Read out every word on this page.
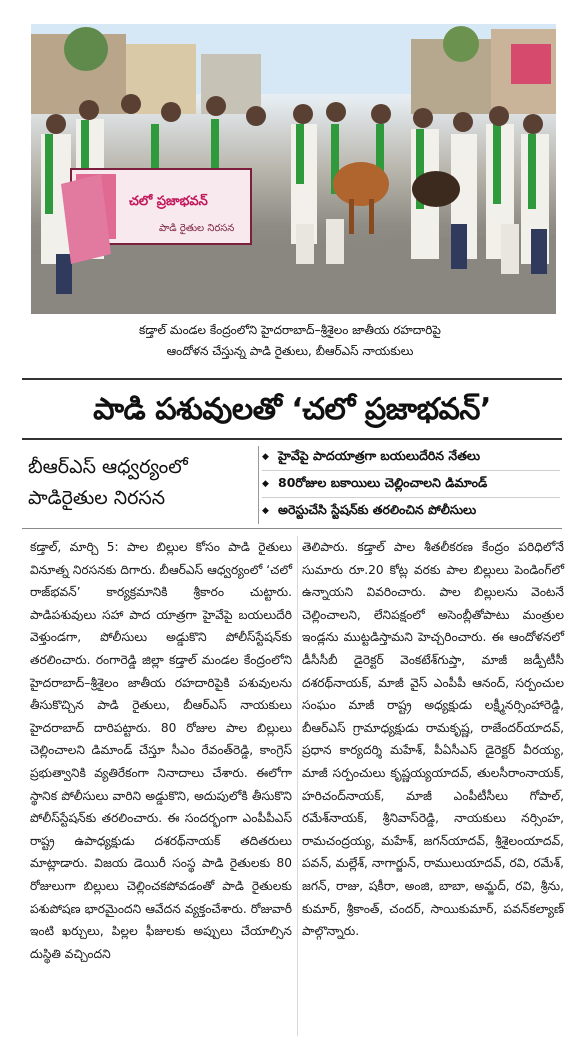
చలో ప్రజాభవన్
పాడి రైతుల నిరసన
కడ్తాల్ మండల కేంద్రంలోని హైదరాబాద్–శ్రీశైలం జాతీయ రహదారిపై
ఆందోళన చేస్తున్న పాడి రైతులు, బీఆర్ఎస్ నాయకులు
పాడి పశువులతో ‘చలో ప్రజాభవన్’
బీఆర్ఎస్ ఆధ్వర్యంలో
పాడిరైతుల నిరసన
◆ హైవేపై పాదయాత్రగా బయలుదేరిన నేతలు
◆ 80రోజుల బకాయిలు చెల్లించాలని డిమాండ్
◆ అరెస్టుచేసి స్టేషన్‌కు తరలించిన పోలీసులు

కడ్తాల్, మార్చి 5: పాల బిల్లుల కోసం పాడి రైతులు వినూత్న నిరసనకు దిగారు. బీఆర్ఎస్ ఆధ్వర్యంలో ‘చలో రాజ్‌భవన్’ కార్యక్రమానికి శ్రీకారం చుట్టారు. పాడిపశువులు సహా పాద యాత్రగా హైవేపై బయలుదేరి వెళ్తుండగా, పోలీసులు అడ్డుకొని పోలీస్‌స్టేషన్‌కు తరలించారు. రంగారెడ్డి జిల్లా కడ్తాల్ మండల కేంద్రంలోని హైదరాబాద్–శ్రీశైలం జాతీయ రహదారిపైకి పశువులను తీసుకొచ్చిన పాడి రైతులు, బీఆర్ఎస్ నాయకులు హైదరాబాద్ దారిపట్టారు. 80 రోజుల పాల బిల్లులు చెల్లించాలని డిమాండ్ చేస్తూ సీఎం రేవంత్‌రెడ్డి, కాంగ్రెస్ ప్రభుత్వానికి వ్యతిరేకంగా నినాదాలు చేశారు. ఈలోగా స్థానిక పోలీసులు వారిని అడ్డుకొని, అదుపులోకి తీసుకొని పోలీస్‌స్టేషన్‌కు తరలించారు. ఈ సందర్భంగా ఎంపీపీఎస్ రాష్ట్ర ఉపాధ్యక్షుడు దశరథ్‌నాయక్ తదితరులు మాట్లాడారు. విజయ డెయిరీ సంస్థ పాడి రైతులకు 80 రోజులుగా బిల్లులు చెల్లించకపోవడంతో పాడి రైతులకు పశుపోషణ భారమైందని ఆవేదన వ్యక్తంచేశారు. రోజువారీ ఇంటి ఖర్చులు, పిల్లల ఫీజులకు అప్పులు చేయాల్సిన దుస్థితి వచ్చిందని

తెలిపారు. కడ్తాల్ పాల శీతలీకరణ కేంద్రం పరిధిలోనే సుమారు రూ.20 కోట్ల వరకు పాల బిల్లులు పెండింగ్‌లో ఉన్నాయని వివరించారు. పాల బిల్లులను వెంటనే చెల్లించాలని, లేనిపక్షంలో అసెంబ్లీతోపాటు మంత్రుల ఇండ్లను ముట్టడిస్తామని హెచ్చరించారు. ఈ ఆందోళనలో డీసీసీబీ డైరెక్టర్ వెంకటేశ్‌గుప్తా, మాజీ జడ్పీటీసీ దశరథ్‌నాయక్, మాజీ వైస్ ఎంపీపీ ఆనంద్, సర్పంచుల సంఘం మాజీ రాష్ట్ర అధ్యక్షుడు లక్ష్మీనర్సింహారెడ్డి, బీఆర్ఎస్ గ్రామాధ్యక్షుడు రామకృష్ణ, రాజేందర్‌యాదవ్, ప్రధాన కార్యదర్శి మహేశ్, పీఏసీఎస్ డైరెక్టర్ వీరయ్య, మాజీ సర్పంచులు కృష్ణయ్యయాదవ్, తులసీరాంనాయక్, హరిచంద్‌నాయక్, మాజీ ఎంపీటీసీలు గోపాల్, రమేశ్‌నాయక్, శ్రీనివాస్‌రెడ్డి, నాయకులు నర్సింహ, రామచంద్రయ్య, మహేశ్, జగన్‌యాదవ్, శ్రీశైలంయాదవ్, పవన్, మల్లేశ్, నాగార్జున్, రాములుయాదవ్, రవి, రమేశ్, జగన్, రాజు, షకీరా, అంజి, బాబా, అమ్జద్, రవి, శ్రీను, కుమార్, శ్రీకాంత్, చందర్, సాయికుమార్, పవన్‌కల్యాణ్ పాల్గొన్నారు.
